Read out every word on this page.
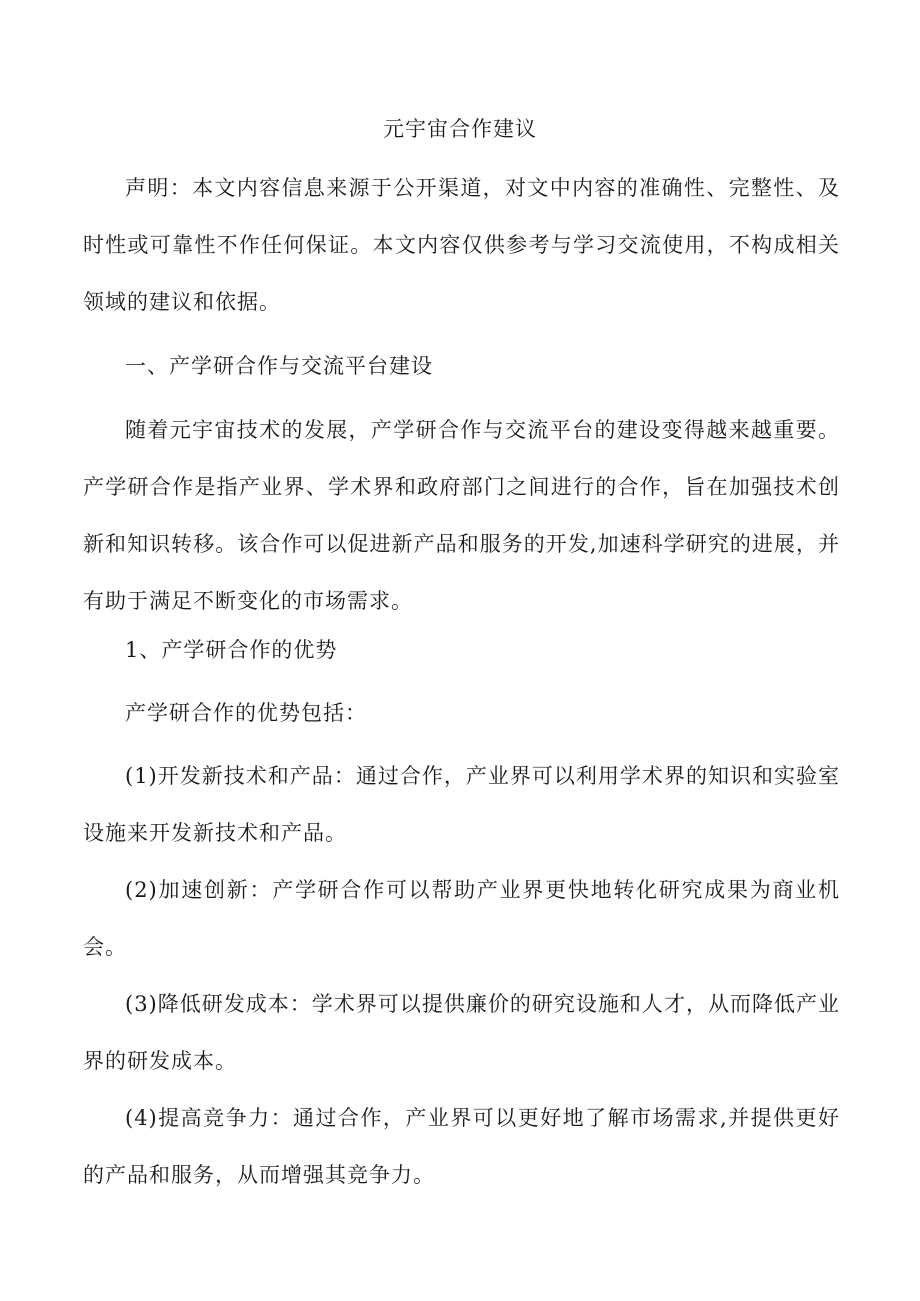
元宇宙合作建议

声明：本文内容信息来源于公开渠道，对文中内容的准确性、完整性、及时性或可靠性不作任何保证。本文内容仅供参考与学习交流使用，不构成相关领域的建议和依据。

一、产学研合作与交流平台建设

随着元宇宙技术的发展，产学研合作与交流平台的建设变得越来越重要。产学研合作是指产业界、学术界和政府部门之间进行的合作，旨在加强技术创新和知识转移。该合作可以促进新产品和服务的开发,加速科学研究的进展，并有助于满足不断变化的市场需求。

1、产学研合作的优势

产学研合作的优势包括：

(1)开发新技术和产品：通过合作，产业界可以利用学术界的知识和实验室设施来开发新技术和产品。

(2)加速创新：产学研合作可以帮助产业界更快地转化研究成果为商业机会。

(3)降低研发成本：学术界可以提供廉价的研究设施和人才，从而降低产业界的研发成本。

(4)提高竞争力：通过合作，产业界可以更好地了解市场需求,并提供更好的产品和服务，从而增强其竞争力。
